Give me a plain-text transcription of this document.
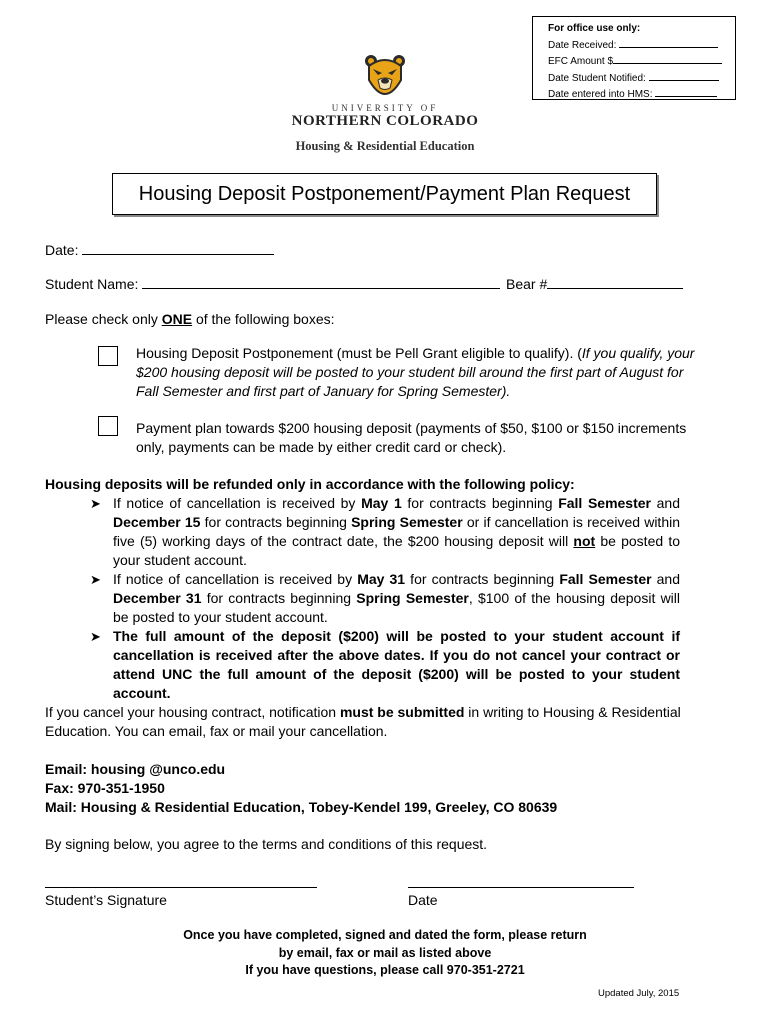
For office use only:
Date Received:
EFC Amount $
Date Student Notified:
Date entered into HMS:
UNIVERSITY OF
NORTHERN COLORADO
Housing & Residential Education
Housing Deposit Postponement/Payment Plan Request
Date:
Student Name:	Bear #
Please check only ONE of the following boxes:
Housing Deposit Postponement (must be Pell Grant eligible to qualify). (If you qualify, your
$200 housing deposit will be posted to your student bill around the first part of August for
Fall Semester and first part of January for Spring Semester).
Payment plan towards $200 housing deposit (payments of $50, $100 or $150 increments
only, payments can be made by either credit card or check).
Housing deposits will be refunded only in accordance with the following policy:
➤ If notice of cancellation is received by May 1 for contracts beginning Fall Semester and December 15 for contracts beginning Spring Semester or if cancellation is received within five (5) working days of the contract date, the $200 housing deposit will not be posted to your student account.
➤ If notice of cancellation is received by May 31 for contracts beginning Fall Semester and December 31 for contracts beginning Spring Semester, $100 of the housing deposit will be posted to your student account.
➤ The full amount of the deposit ($200) will be posted to your student account if cancellation is received after the above dates. If you do not cancel your contract or attend UNC the full amount of the deposit ($200) will be posted to your student account.
If you cancel your housing contract, notification must be submitted in writing to Housing & Residential
Education. You can email, fax or mail your cancellation.
Email: housing @unco.edu
Fax: 970-351-1950
Mail: Housing & Residential Education, Tobey-Kendel 199, Greeley, CO 80639
By signing below, you agree to the terms and conditions of this request.
Student’s Signature	Date
Once you have completed, signed and dated the form, please return
by email, fax or mail as listed above
If you have questions, please call 970-351-2721
Updated July, 2015
